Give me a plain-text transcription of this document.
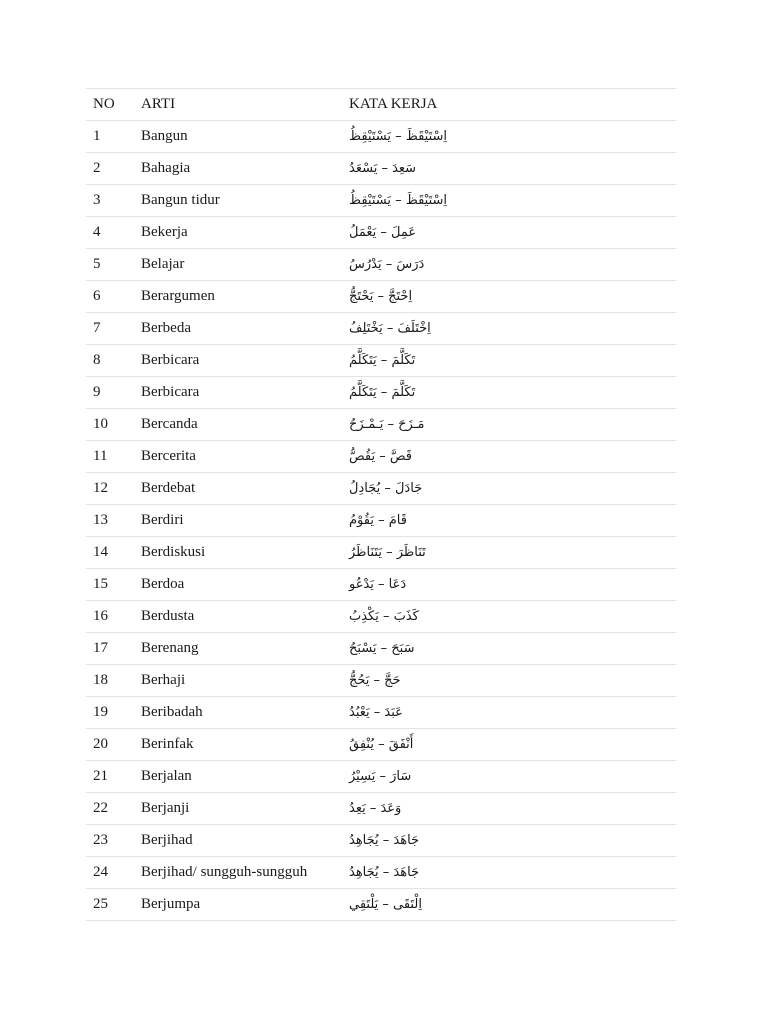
NO	ARTI	KATA KERJA
1	Bangun	اِسْتَيْقَظَ – يَسْتَيْقِظُ
2	Bahagia	سَعِدَ – يَسْعَدُ
3	Bangun tidur	اِسْتَيْقَظَ – يَسْتَيْقِظُ
4	Bekerja	عَمِلَ – يَعْمَلُ
5	Belajar	دَرَسَ – يَدْرُسُ
6	Berargumen	اِحْتَجَّ – يَحْتَجُّ
7	Berbeda	اِخْتَلَفَ – يَخْتَلِفُ
8	Berbicara	تَكَلَّمَ – يَتَكَلَّمُ
9	Berbicara	تَكَلَّمَ – يَتَكَلَّمُ
10	Bercanda	مَـزَحَ – يَـمْـزَحُ
11	Bercerita	قَصَّ – يَقُصُّ
12	Berdebat	جَادَلَ – يُجَادِلُ
13	Berdiri	قَامَ – يَقُوْمُ
14	Berdiskusi	تَنَاظَرَ – يَتَنَاظَرُ
15	Berdoa	دَعَا – يَدْعُو
16	Berdusta	كَذَبَ – يَكْذِبُ
17	Berenang	سَبَحَ – يَسْبَحُ
18	Berhaji	حَجَّ – يَحُجُّ
19	Beribadah	عَبَدَ – يَعْبُدُ
20	Berinfak	أَنْفَقَ – يُنْفِقُ
21	Berjalan	سَارَ – يَسِيْرُ
22	Berjanji	وَعَدَ – يَعِدُ
23	Berjihad	جَاهَدَ – يُجَاهِدُ
24	Berjihad/ sungguh-sungguh	جَاهَدَ – يُجَاهِدُ
25	Berjumpa	اِلْتَقَى – يَلْتَقِي
